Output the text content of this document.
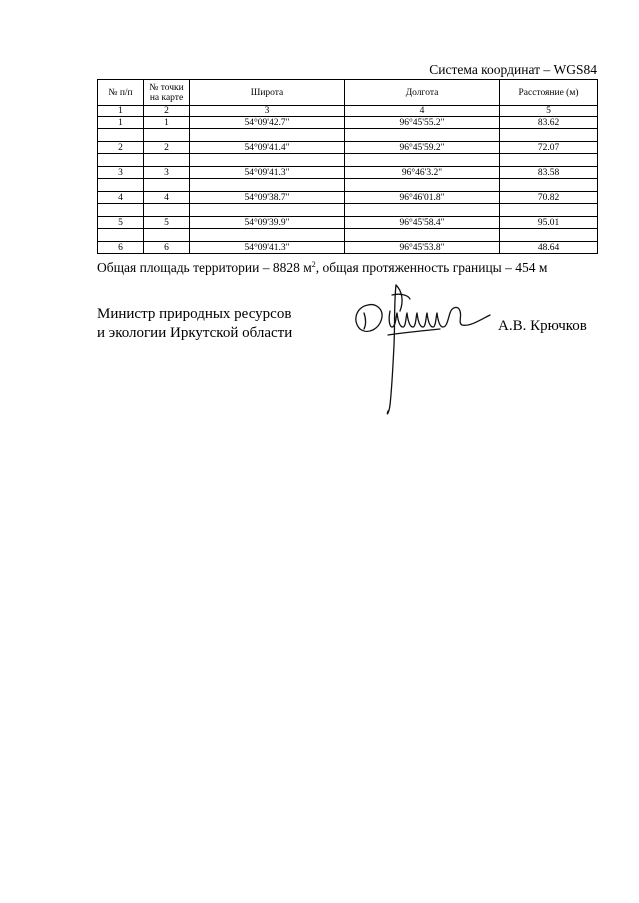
Система координат – WGS84
№ п/п	№ точки на карте	Широта	Долгота	Расстояние (м)
1	2	3	4	5
1	1	54°09'42.7"	96°45'55.2"	83.62

2	2	54°09'41.4"	96°45'59.2"	72.07

3	3	54°09'41.3"	96°46'3.2"	83.58

4	4	54°09'38.7"	96°46'01.8"	70.82

5	5	54°09'39.9"	96°45'58.4"	95.01

6	6	54°09'41.3"	96°45'53.8"	48.64
Общая площадь территории – 8828 $м^2$, общая протяженность границы – 454 м
Министр природных ресурсов
и экологии Иркутской области	А.В. Крючков
